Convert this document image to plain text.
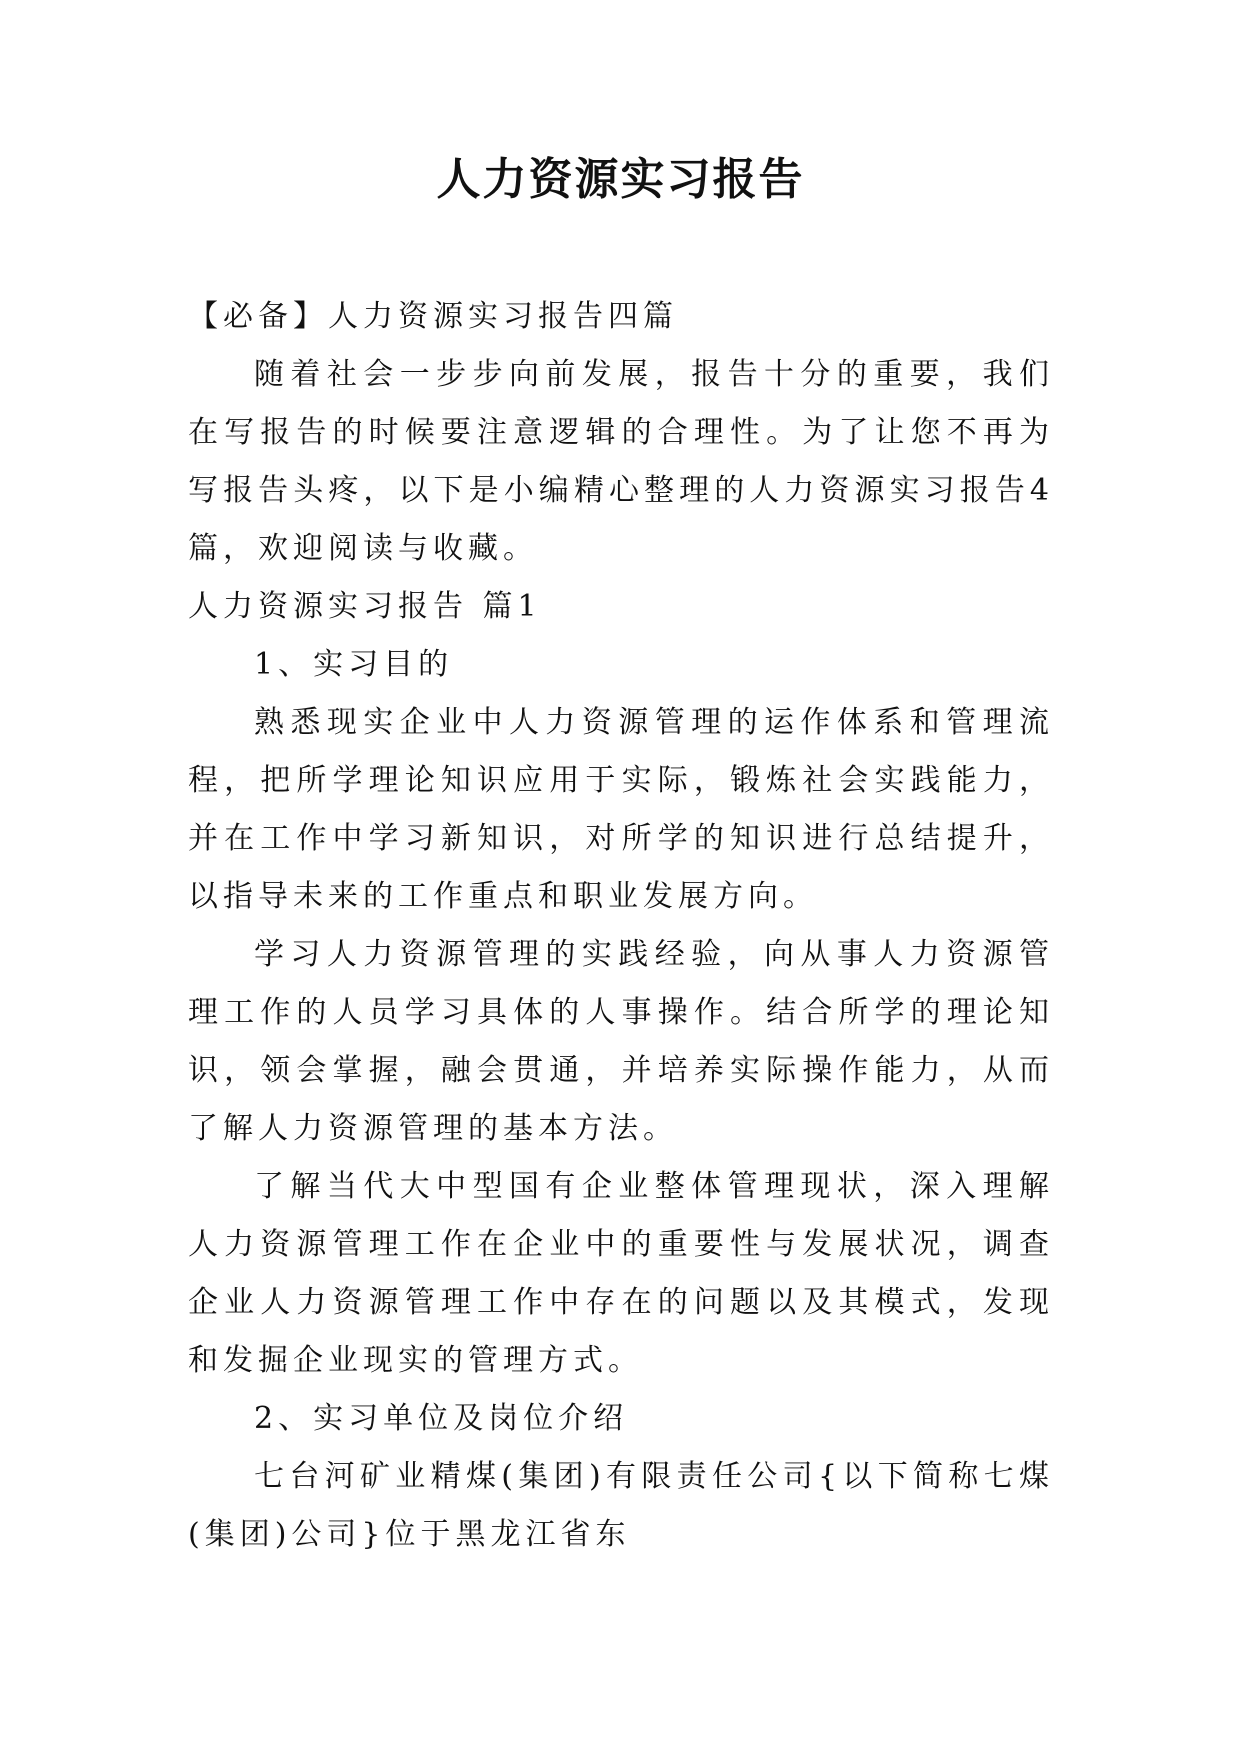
人力资源实习报告

【必备】人力资源实习报告四篇

随着社会一步步向前发展，报告十分的重要，我们在写报告的时候要注意逻辑的合理性。为了让您不再为写报告头疼，以下是小编精心整理的人力资源实习报告4篇，欢迎阅读与收藏。

人力资源实习报告 篇1

1、实习目的

熟悉现实企业中人力资源管理的运作体系和管理流程，把所学理论知识应用于实际，锻炼社会实践能力，并在工作中学习新知识，对所学的知识进行总结提升，以指导未来的工作重点和职业发展方向。

学习人力资源管理的实践经验，向从事人力资源管理工作的人员学习具体的人事操作。结合所学的理论知识，领会掌握，融会贯通，并培养实际操作能力，从而了解人力资源管理的基本方法。

了解当代大中型国有企业整体管理现状，深入理解人力资源管理工作在企业中的重要性与发展状况，调查企业人力资源管理工作中存在的问题以及其模式，发现和发掘企业现实的管理方式。

2、实习单位及岗位介绍

七台河矿业精煤(集团)有限责任公司{以下简称七煤(集团)公司}位于黑龙江省东
